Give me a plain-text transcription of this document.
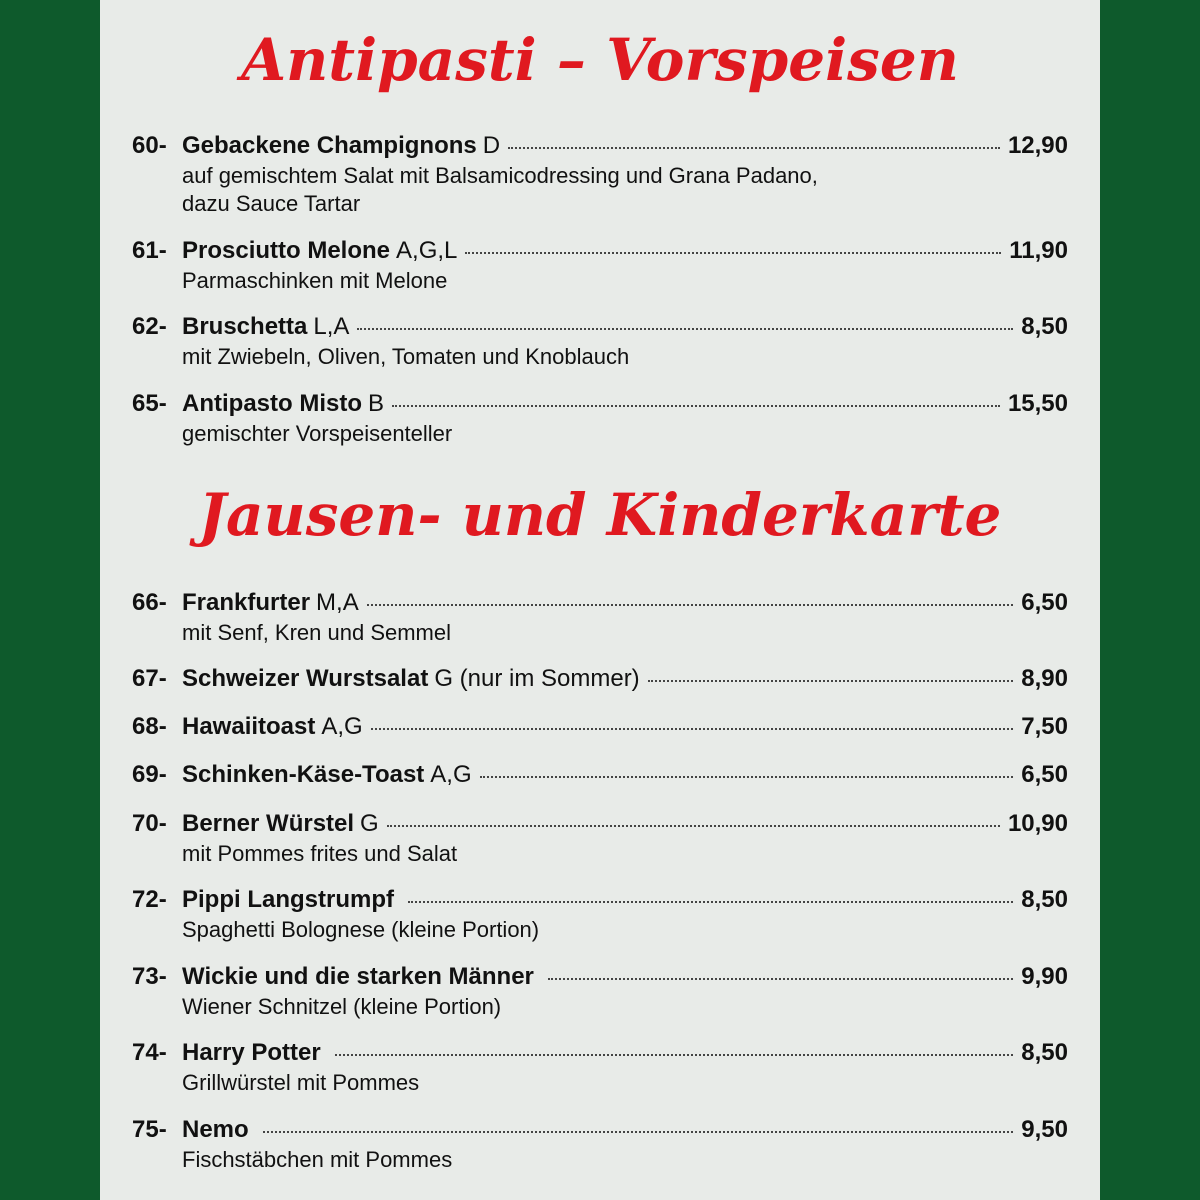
Antipasti – Vorspeisen
60- Gebackene Champignons D	12,90
auf gemischtem Salat mit Balsamicodressing und Grana Padano,
dazu Sauce Tartar
61- Prosciutto Melone A,G,L	11,90
Parmaschinken mit Melone
62- Bruschetta L,A	8,50
mit Zwiebeln, Oliven, Tomaten und Knoblauch
65- Antipasto Misto B	15,50
gemischter Vorspeisenteller
Jausen- und Kinderkarte
66- Frankfurter M,A	6,50
mit Senf, Kren und Semmel
67- Schweizer Wurstsalat G (nur im Sommer)	8,90
68- Hawaiitoast A,G	7,50
69- Schinken-Käse-Toast A,G	6,50
70- Berner Würstel G	10,90
mit Pommes frites und Salat
72- Pippi Langstrumpf	8,50
Spaghetti Bolognese (kleine Portion)
73- Wickie und die starken Männer	9,90
Wiener Schnitzel (kleine Portion)
74- Harry Potter	8,50
Grillwürstel mit Pommes
75- Nemo	9,50
Fischstäbchen mit Pommes
